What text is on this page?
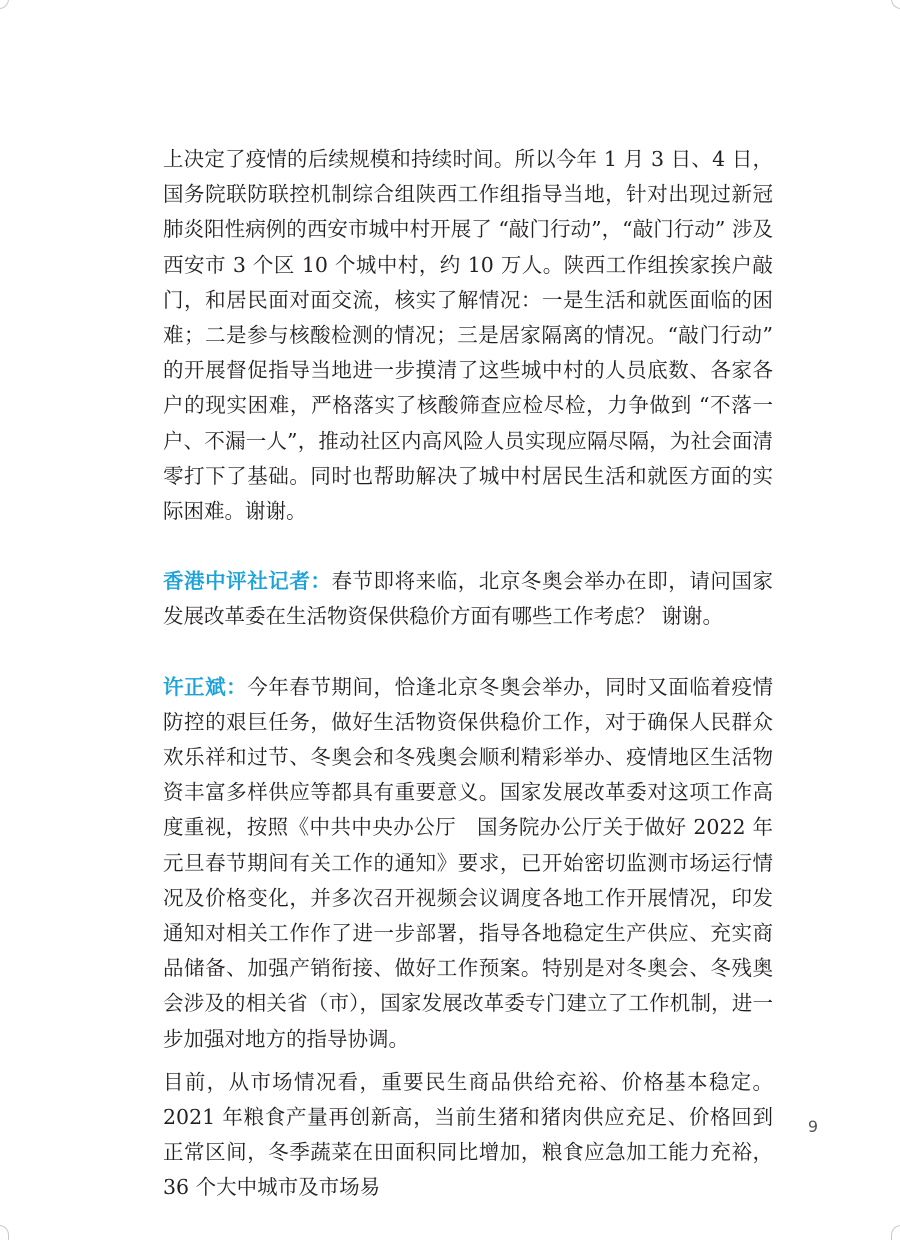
上决定了疫情的后续规模和持续时间。所以今年 1 月 3 日、4 日，国务院联防联控机制综合组陕西工作组指导当地，针对出现过新冠肺炎阳性病例的西安市城中村开展了 “敲门行动”，“敲门行动” 涉及西安市 3 个区 10 个城中村，约 10 万人。陕西工作组挨家挨户敲门，和居民面对面交流，核实了解情况：一是生活和就医面临的困难；二是参与核酸检测的情况；三是居家隔离的情况。“敲门行动” 的开展督促指导当地进一步摸清了这些城中村的人员底数、各家各户的现实困难，严格落实了核酸筛查应检尽检，力争做到 “不落一户、不漏一人”，推动社区内高风险人员实现应隔尽隔，为社会面清零打下了基础。同时也帮助解决了城中村居民生活和就医方面的实际困难。谢谢。

香港中评社记者：春节即将来临，北京冬奥会举办在即，请问国家发展改革委在生活物资保供稳价方面有哪些工作考虑？ 谢谢。

许正斌：今年春节期间，恰逢北京冬奥会举办，同时又面临着疫情防控的艰巨任务，做好生活物资保供稳价工作，对于确保人民群众欢乐祥和过节、冬奥会和冬残奥会顺利精彩举办、疫情地区生活物资丰富多样供应等都具有重要意义。国家发展改革委对这项工作高度重视，按照《中共中央办公厅　国务院办公厅关于做好 2022 年元旦春节期间有关工作的通知》要求，已开始密切监测市场运行情况及价格变化，并多次召开视频会议调度各地工作开展情况，印发通知对相关工作作了进一步部署，指导各地稳定生产供应、充实商品储备、加强产销衔接、做好工作预案。特别是对冬奥会、冬残奥会涉及的相关省（市），国家发展改革委专门建立了工作机制，进一步加强对地方的指导协调。

目前，从市场情况看，重要民生商品供给充裕、价格基本稳定。2021 年粮食产量再创新高，当前生猪和猪肉供应充足、价格回到正常区间，冬季蔬菜在田面积同比增加，粮食应急加工能力充裕，36 个大中城市及市场易

9
